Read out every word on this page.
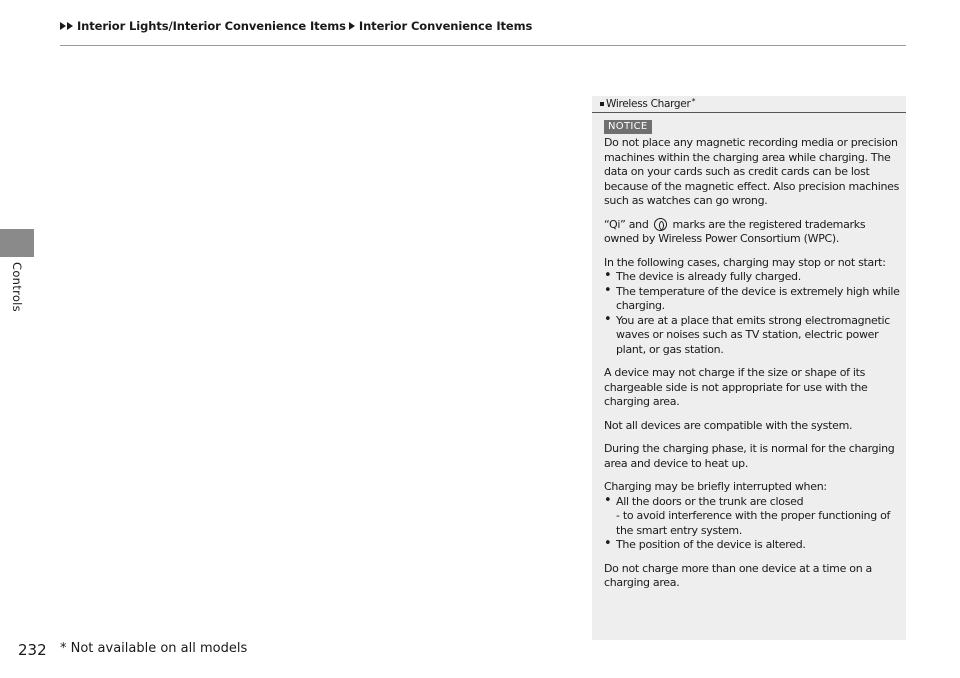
Interior Lights/Interior Convenience Items Interior Convenience Items
Controls
Wireless Charger *
NOTICE

Do not place any magnetic recording media or precision machines within the charging area while charging. The data on your cards such as credit cards can be lost because of the magnetic effect. Also precision machines such as watches can go wrong.

“Qi” and marks are the registered trademarks owned by Wireless Power Consortium (WPC).

In the following cases, charging may stop or not start:

• The device is already fully charged.
• The temperature of the device is extremely high while charging.
• You are at a place that emits strong electromagnetic waves or noises such as TV station, electric power plant, or gas station.

A device may not charge if the size or shape of its chargeable side is not appropriate for use with the charging area.

Not all devices are compatible with the system.

During the charging phase, it is normal for the charging area and device to heat up.

Charging may be briefly interrupted when:

• All the doors or the trunk are closed
- to avoid interference with the proper functioning of the smart entry system.
• The position of the device is altered.

Do not charge more than one device at a time on a charging area.

232 * Not available on all models
